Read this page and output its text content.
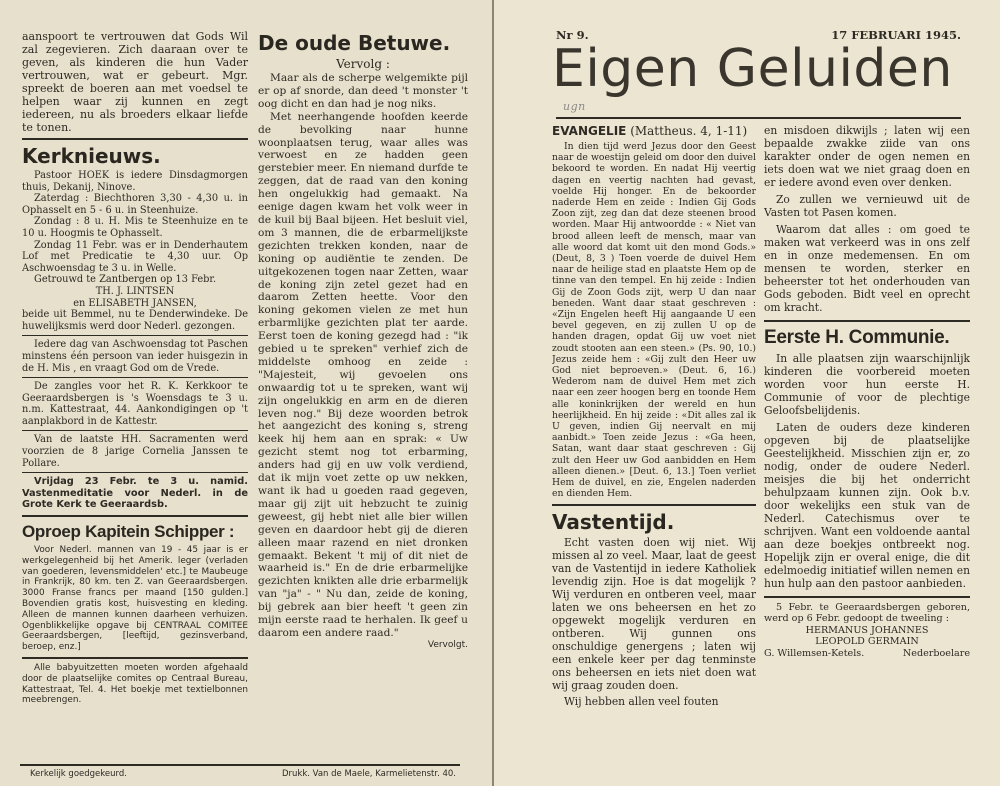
aanspoort te vertrouwen dat Gods Wil zal zegevieren. Zich daaraan over te geven, als kinderen die hun Vader vertrouwen, wat er gebeurt. Mgr. spreekt de boeren aan met voedsel te helpen waar zij kunnen en zegt iedereen, nu als broeders elkaar liefde te tonen.

Kerknieuws.

Pastoor HOEK is iedere Dinsdagmorgen thuis, Dekanij, Ninove.

Zaterdag : Biechthoren 3,30 - 4,30 u. in Ophasselt en 5 - 6 u. in Steenhuize.

Zondag : 8 u. H. Mis te Steenhuize en te 10 u. Hoogmis te Ophasselt.

Zondag 11 Febr. was er in Denderhautem Lof met Predicatie te 4,30 uur. Op Aschwoensdag te 3 u. in Welle.

Getrouwd te Zantbergen op 13 Febr.

TH. J. LINTSEN

en ELISABETH JANSEN,

beide uit Bemmel, nu te Denderwindeke. De huwelijksmis werd door Nederl. gezongen.

Iedere dag van Aschwoensdag tot Paschen minstens één persoon van ieder huisgezin in de H. Mis , en vraagt God om de Vrede.

De zangles voor het R. K. Kerkkoor te Geeraardsbergen is 's Woensdags te 3 u. n.m. Kattestraat, 44. Aankondigingen op 't aanplakbord in de Kattestr.

Van de laatste HH. Sacramenten werd voorzien de 8 jarige Cornelia Janssen te Pollare.

Vrijdag 23 Febr. te 3 u. namid. Vastenmeditatie voor Nederl. in de Grote Kerk te Geeraardsb.

Oproep Kapitein Schipper :

Voor Nederl. mannen van 19 - 45 jaar is er werkgelegenheid bij het Amerik. leger (verladen van goederen, levensmiddelen' etc.] te Maubeuge in Frankrijk, 80 km. ten Z. van Geeraardsbergen. 3000 Franse francs per maand [150 gulden.] Bovendien gratis kost, huisvesting en kleding. Alleen de mannen kunnen daarheen verhuizen. Ogenblikkelijke opgave bij CENTRAAL COMITEE Geeraardsbergen, [leeftijd, gezinsverband, beroep, enz.]

Alle babyuitzetten moeten worden afgehaald door de plaatselijke comites op Centraal Bureau, Kattestraat, Tel. 4. Het boekje met textielbonnen meebrengen.

De oude Betuwe.
Vervolg :

Maar als de scherpe welgemikte pijl er op af snorde, dan deed 't monster 't oog dicht en dan had je nog niks.

Met neerhangende hoofden keerde de bevolking naar hunne woonplaatsen terug, waar alles was verwoest en ze hadden geen gerstebier meer. En niemand durfde te zeggen, dat de raad van den koning hen ongelukkig had gemaakt. Na eenige dagen kwam het volk weer in de kuil bij Baal bijeen. Het besluit viel, om 3 mannen, die de erbarmelijkste gezichten trekken konden, naar de koning op audiëntie te zenden. De uitgekozenen togen naar Zetten, waar de koning zijn zetel gezet had en daarom Zetten heette. Voor den koning gekomen vielen ze met hun erbarmlijke gezichten plat ter aarde. Eerst toen de koning gezegd had : "ik gebied u te spreken" verhief zich de middelste omhoog en zeide : "Majesteit, wij gevoelen ons onwaardig tot u te spreken, want wij zijn ongelukkig en arm en de dieren leven nog." Bij deze woorden betrok het aangezicht des koning s, streng keek hij hem aan en sprak: « Uw gezicht stemt nog tot erbarming, anders had gij en uw volk verdiend, dat ik mijn voet zette op uw nekken, want ik had u goeden raad gegeven, maar gij zijt uit hebzucht te zuinig geweest, gij hebt niet alle bier willen geven en daardoor hebt gij de dieren alleen maar razend en niet dronken gemaakt. Bekent 't mij of dit niet de waarheid is." En de drie erbarmelijke gezichten knikten alle drie erbarmelijk van "ja" - " Nu dan, zeide de koning, bij gebrek aan bier heeft 't geen zin mijn eerste raad te herhalen. Ik geef u daarom een andere raad."

Vervolgt.
Kerkelijk goedgekeurd.	Drukk. Van de Maele, Karmelietenstr. 40.
Nr 9.	17 FEBRUARI 1945.
Eigen Geluiden
ugn

EVANGELIE (Mattheus. 4, 1-11)

In dien tijd werd Jezus door den Geest naar de woestijn geleid om door den duivel bekoord te worden. En nadat Hij veertig dagen en veertig nachten had gevast, voelde Hij honger. En de bekoorder naderde Hem en zeide : Indien Gij Gods Zoon zijt, zeg dan dat deze steenen brood worden. Maar Hij antwoordde : « Niet van brood alleen leeft de mensch, maar van alle woord dat komt uit den mond Gods.» (Deut, 8, 3 ) Toen voerde de duivel Hem naar de heilige stad en plaatste Hem op de tinne van den tempel. En hij zeide : Indien Gij de Zoon Gods zijt, werp U dan naar beneden. Want daar staat geschreven : «Zijn Engelen heeft Hij aangaande U een bevel gegeven, en zij zullen U op de handen dragen, opdat Gij uw voet niet zoudt stooten aan een steen.» (Ps. 90, 10.) Jezus zeide hem : «Gij zult den Heer uw God niet beproeven.» (Deut. 6, 16.) Wederom nam de duivel Hem met zich naar een zeer hoogen berg en toonde Hem alle koninkrijken der wereld en hun heerlijkheid. En hij zeide : «Dit alles zal ik U geven, indien Gij neervalt en mij aanbidt.» Toen zeide Jezus : «Ga heen, Satan, want daar staat geschreven : Gij zult den Heer uw God aanbidden en Hem alleen dienen.» [Deut. 6, 13.] Toen verliet Hem de duivel, en zie, Engelen naderden en dienden Hem.

Vastentijd.

Echt vasten doen wij niet. Wij missen al zo veel. Maar, laat de geest van de Vastentijd in iedere Katholiek levendig zijn. Hoe is dat mogelijk ? Wij verduren en ontberen veel, maar laten we ons beheersen en het zo opgewekt mogelijk verduren en ontberen. Wij gunnen ons onschuldige genergens ; laten wij een enkele keer per dag tenminste ons beheersen en iets niet doen wat wij graag zouden doen.

Wij hebben allen veel fouten

en misdoen dikwijls ; laten wij een bepaalde zwakke ziide van ons karakter onder de ogen nemen en iets doen wat we niet graag doen en er iedere avond even over denken.

Zo zullen we vernieuwd uit de Vasten tot Pasen komen.

Waarom dat alles : om goed te maken wat verkeerd was in ons zelf en in onze medemensen. En om mensen te worden, sterker en beheerster tot het onderhouden van Gods geboden. Bidt veel en oprecht om kracht.

Eerste H. Communie.

In alle plaatsen zijn waarschijnlijk kinderen die voorbereid moeten worden voor hun eerste H. Communie of voor de plechtige Geloofsbelijdenis.

Laten de ouders deze kinderen opgeven bij de plaatselijke Geestelijkheid. Misschien zijn er, zo nodig, onder de oudere Nederl. meisjes die bij het onderricht behulpzaam kunnen zijn. Ook b.v. door wekelijks een stuk van de Nederl. Catechismus over te schrijven. Want een voldoende aantal aan deze boekjes ontbreekt nog. Hopelijk zijn er overal enige, die dit edelmoedig initiatief willen nemen en hun hulp aan den pastoor aanbieden.

5 Febr. te Geeraardsbergen geboren, werd op 6 Febr. gedoopt de tweeling :

HERMANUS JOHANNES

LEOPOLD GERMAIN

G. Willemsen-Ketels.	Nederboelare
